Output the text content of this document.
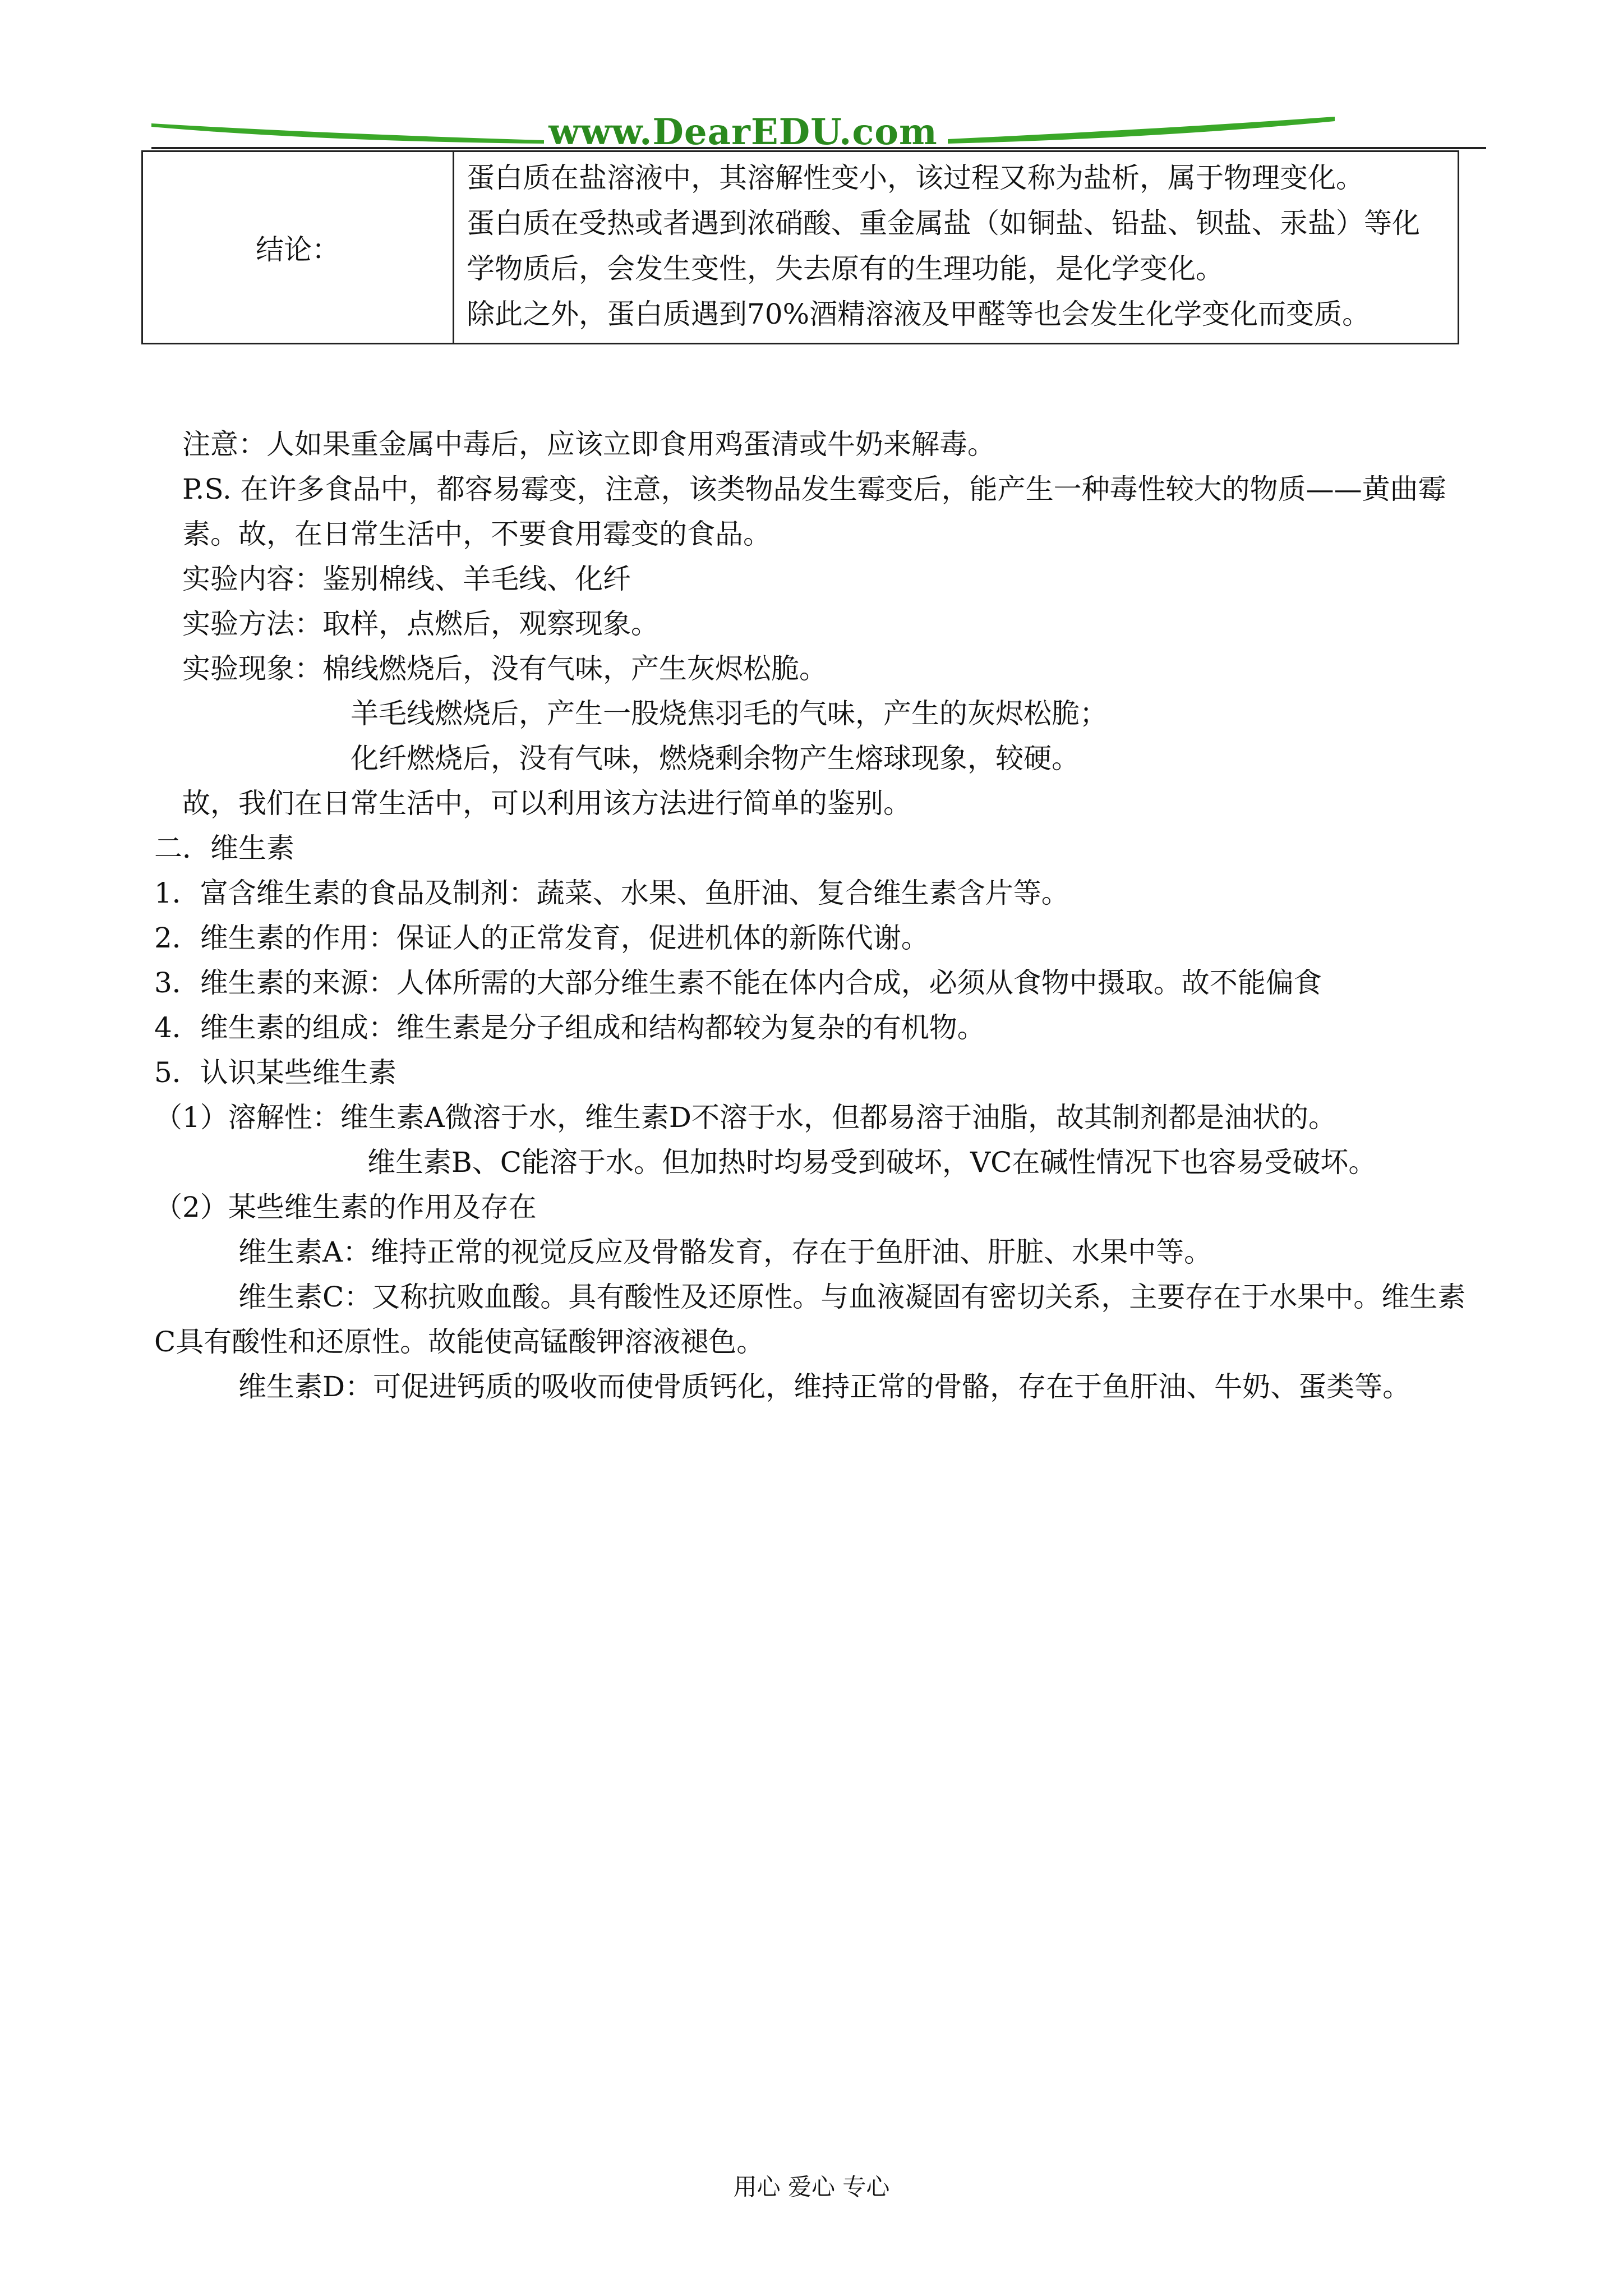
www.DearEDU.com
结论：	

蛋白质在盐溶液中，其溶解性变小，该过程又称为盐析，属于物理变化。

蛋白质在受热或者遇到浓硝酸、重金属盐（如铜盐、铅盐、钡盐、汞盐）等化学物质后，会发生变性，失去原有的生理功能，是化学变化。

除此之外，蛋白质遇到70%酒精溶液及甲醛等也会发生化学变化而变质。

注意：人如果重金属中毒后，应该立即食用鸡蛋清或牛奶来解毒。

P.S. 在许多食品中，都容易霉变，注意，该类物品发生霉变后，能产生一种毒性较大的物质——黄曲霉素。故，在日常生活中，不要食用霉变的食品。

实验内容：鉴别棉线、羊毛线、化纤

实验方法：取样，点燃后，观察现象。

实验现象：棉线燃烧后，没有气味，产生灰烬松脆。

羊毛线燃烧后，产生一股烧焦羽毛的气味，产生的灰烬松脆；

化纤燃烧后，没有气味，燃烧剩余物产生熔球现象，较硬。

故，我们在日常生活中，可以利用该方法进行简单的鉴别。

二．维生素

1．富含维生素的食品及制剂：蔬菜、水果、鱼肝油、复合维生素含片等。

2．维生素的作用：保证人的正常发育，促进机体的新陈代谢。

3．维生素的来源：人体所需的大部分维生素不能在体内合成，必须从食物中摄取。故不能偏食

4．维生素的组成：维生素是分子组成和结构都较为复杂的有机物。

5．认识某些维生素

（1）溶解性：维生素A微溶于水，维生素D不溶于水，但都易溶于油脂，故其制剂都是油状的。

维生素B、C能溶于水。但加热时均易受到破坏，VC在碱性情况下也容易受破坏。

（2）某些维生素的作用及存在

维生素A：维持正常的视觉反应及骨骼发育，存在于鱼肝油、肝脏、水果中等。

维生素C：又称抗败血酸。具有酸性及还原性。与血液凝固有密切关系，主要存在于水果中。维生素C具有酸性和还原性。故能使高锰酸钾溶液褪色。

维生素D：可促进钙质的吸收而使骨质钙化，维持正常的骨骼，存在于鱼肝油、牛奶、蛋类等。

用心 爱心 专心
